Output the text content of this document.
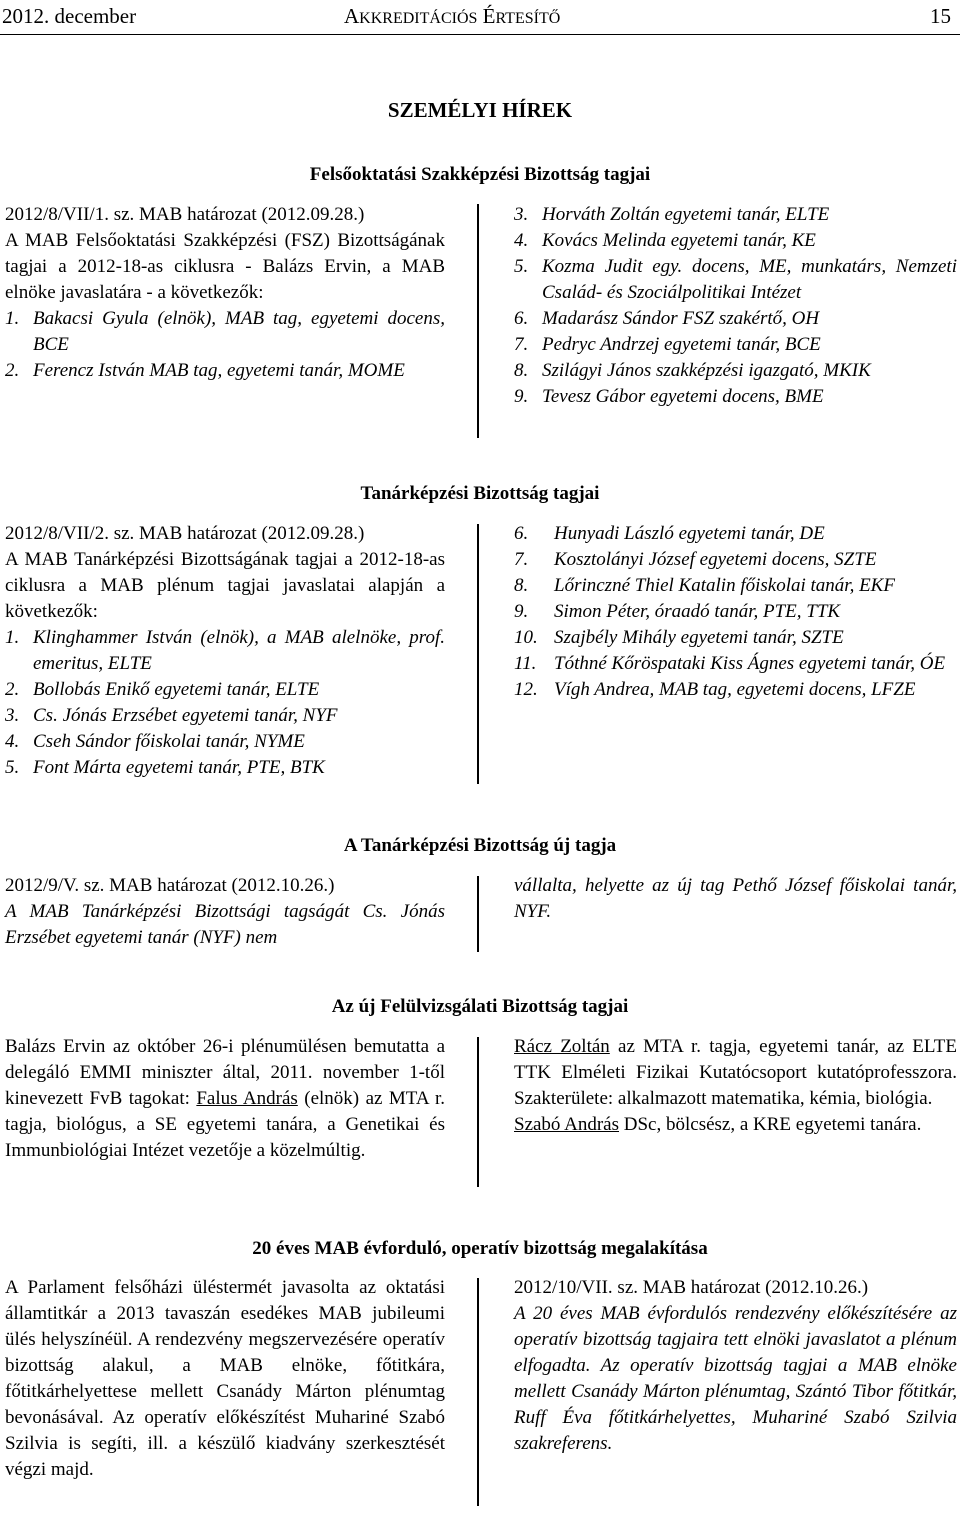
2012. december	AKKREDITÁCIÓS ÉRTESÍTŐ	15
SZEMÉLYI HÍREK
Felsőoktatási Szakképzési Bizottság tagjai

2012/8/VII/1. sz. MAB határozat (2012.09.28.)

A MAB Felsőoktatási Szakképzési (FSZ) Bizottságának tagjai a 2012-18-as ciklusra - Balázs Ervin, a MAB elnöke javaslatára - a következők:

1. Bakacsi Gyula (elnök), MAB tag, egyetemi docens, BCE
2. Ferencz István MAB tag, egyetemi tanár, MOME
3. Horváth Zoltán egyetemi tanár, ELTE
4. Kovács Melinda egyetemi tanár, KE
5. Kozma Judit egy. docens, ME, munkatárs, Nemzeti Család- és Szociálpolitikai Intézet
6. Madarász Sándor FSZ szakértő, OH
7. Pedryc Andrzej egyetemi tanár, BCE
8. Szilágyi János szakképzési igazgató, MKIK
9. Tevesz Gábor egyetemi docens, BME
Tanárképzési Bizottság tagjai

2012/8/VII/2. sz. MAB határozat (2012.09.28.)

A MAB Tanárképzési Bizottságának tagjai a 2012-18-as ciklusra a MAB plénum tagjai javaslatai alapján a következők:

1. Klinghammer István (elnök), a MAB alelnöke, prof. emeritus, ELTE
2. Bollobás Enikő egyetemi tanár, ELTE
3. Cs. Jónás Erzsébet egyetemi tanár, NYF
4. Cseh Sándor főiskolai tanár, NYME
5. Font Márta egyetemi tanár, PTE, BTK
6. Hunyadi László egyetemi tanár, DE
7. Kosztolányi József egyetemi docens, SZTE
8. Lőrinczné Thiel Katalin főiskolai tanár, EKF
9. Simon Péter, óraadó tanár, PTE, TTK
10. Szajbély Mihály egyetemi tanár, SZTE
11. Tóthné Kőröspataki Kiss Ágnes egyetemi tanár, ÓE
12. Vígh Andrea, MAB tag, egyetemi docens, LFZE
A Tanárképzési Bizottság új tagja

2012/9/V. sz. MAB határozat (2012.10.26.)

A MAB Tanárképzési Bizottsági tagságát Cs. Jónás Erzsébet egyetemi tanár (NYF) nem

vállalta, helyette az új tag Pethő József főiskolai tanár, NYF.
Az új Felülvizsgálati Bizottság tagjai
Balázs Ervin az október 26-i plénumülésen bemutatta a delegáló EMMI miniszter által, 2011. november 1-től kinevezett FvB tagokat: Falus András (elnök) az MTA r. tagja, biológus, a SE egyetemi tanára, a Genetikai és Immunbiológiai Intézet vezetője a közelmúltig.
Rácz Zoltán az MTA r. tagja, egyetemi tanár, az ELTE TTK Elméleti Fizikai Kutatócsoport kutatóprofesszora. Szakterülete: alkalmazott matematika, kémia, biológia.
Szabó András DSc, bölcsész, a KRE egyetemi tanára.
20 éves MAB évforduló, operatív bizottság megalakítása
A Parlament felsőházi üléstermét javasolta az oktatási államtitkár a 2013 tavaszán esedékes MAB jubileumi ülés helyszínéül. A rendezvény megszervezésére operatív bizottság alakul, a MAB elnöke, főtitkára, főtitkárhelyettese mellett Csanády Márton plénumtag bevonásával. Az operatív előkészítést Muhariné Szabó Szilvia is segíti, ill. a készülő kiadvány szerkesztését végzi majd.

2012/10/VII. sz. MAB határozat (2012.10.26.)

A 20 éves MAB évfordulós rendezvény előkészítésére az operatív bizottság tagjaira tett elnöki javaslatot a plénum elfogadta. Az operatív bizottság tagjai a MAB elnöke mellett Csanády Márton plénumtag, Szántó Tibor főtitkár, Ruff Éva főtitkárhelyettes, Muhariné Szabó Szilvia szakreferens.
